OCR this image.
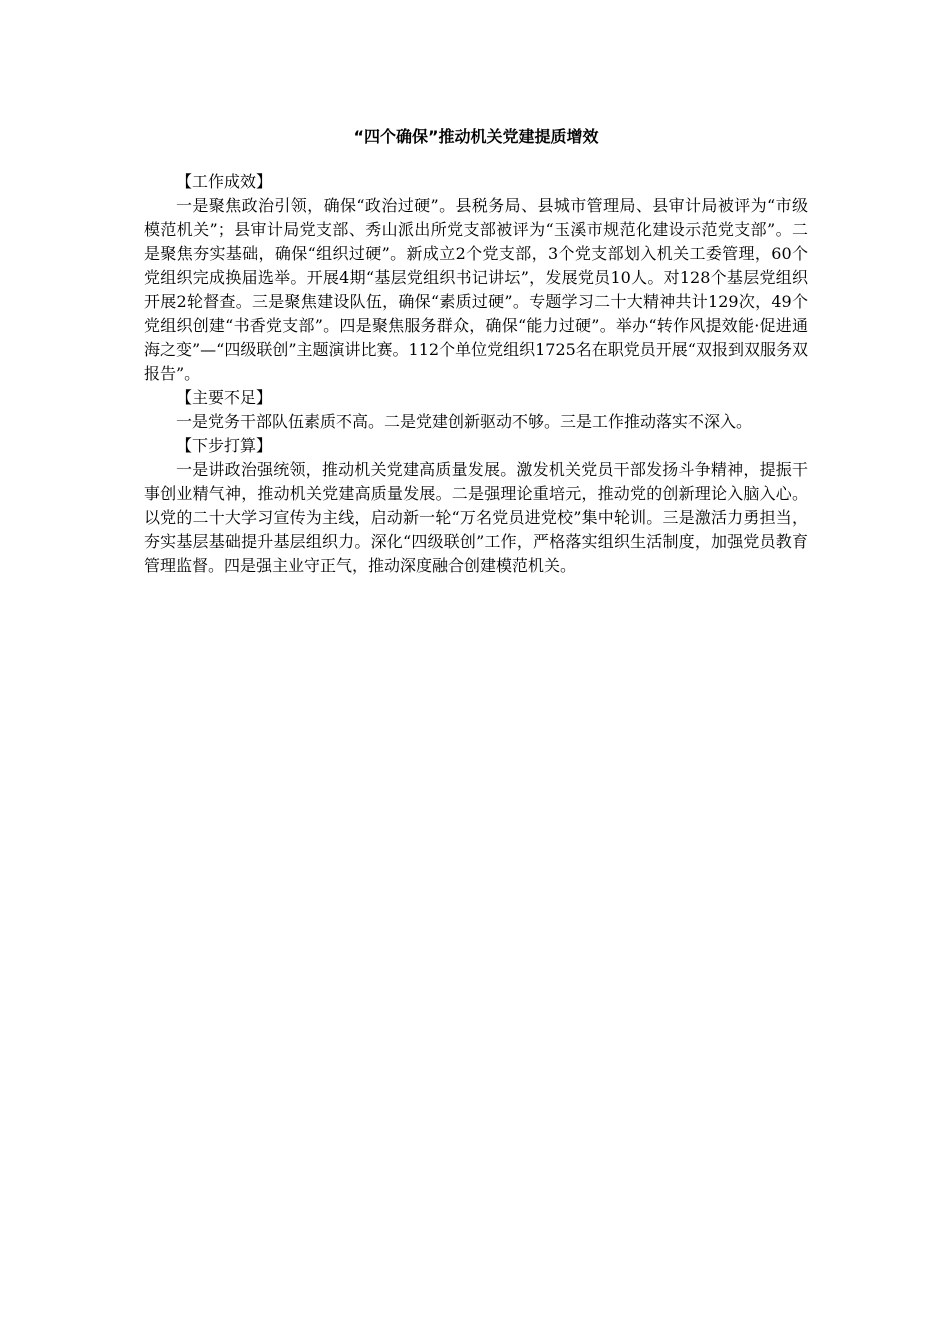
“四个确保”推动机关党建提质增效

【工作成效】

一是聚焦政治引领，确保“政治过硬”。县税务局、县城市管理局、县审计局被评为“市级模范机关”；县审计局党支部、秀山派出所党支部被评为“玉溪市规范化建设示范党支部”。二是聚焦夯实基础，确保“组织过硬”。新成立2个党支部，3个党支部划入机关工委管理，60个党组织完成换届选举。开展4期“基层党组织书记讲坛”，发展党员10人。对128个基层党组织开展2轮督查。三是聚焦建设队伍，确保“素质过硬”。专题学习二十大精神共计129次，49个党组织创建“书香党支部”。四是聚焦服务群众，确保“能力过硬”。举办“转作风提效能·促进通海之变”—“四级联创”主题演讲比赛。112个单位党组织1725名在职党员开展“双报到双服务双报告”。

【主要不足】

一是党务干部队伍素质不高。二是党建创新驱动不够。三是工作推动落实不深入。

【下步打算】

一是讲政治强统领，推动机关党建高质量发展。激发机关党员干部发扬斗争精神，提振干事创业精气神，推动机关党建高质量发展。二是强理论重培元，推动党的创新理论入脑入心。以党的二十大学习宣传为主线，启动新一轮“万名党员进党校”集中轮训。三是激活力勇担当，夯实基层基础提升基层组织力。深化“四级联创”工作，严格落实组织生活制度，加强党员教育管理监督。四是强主业守正气，推动深度融合创建模范机关。
